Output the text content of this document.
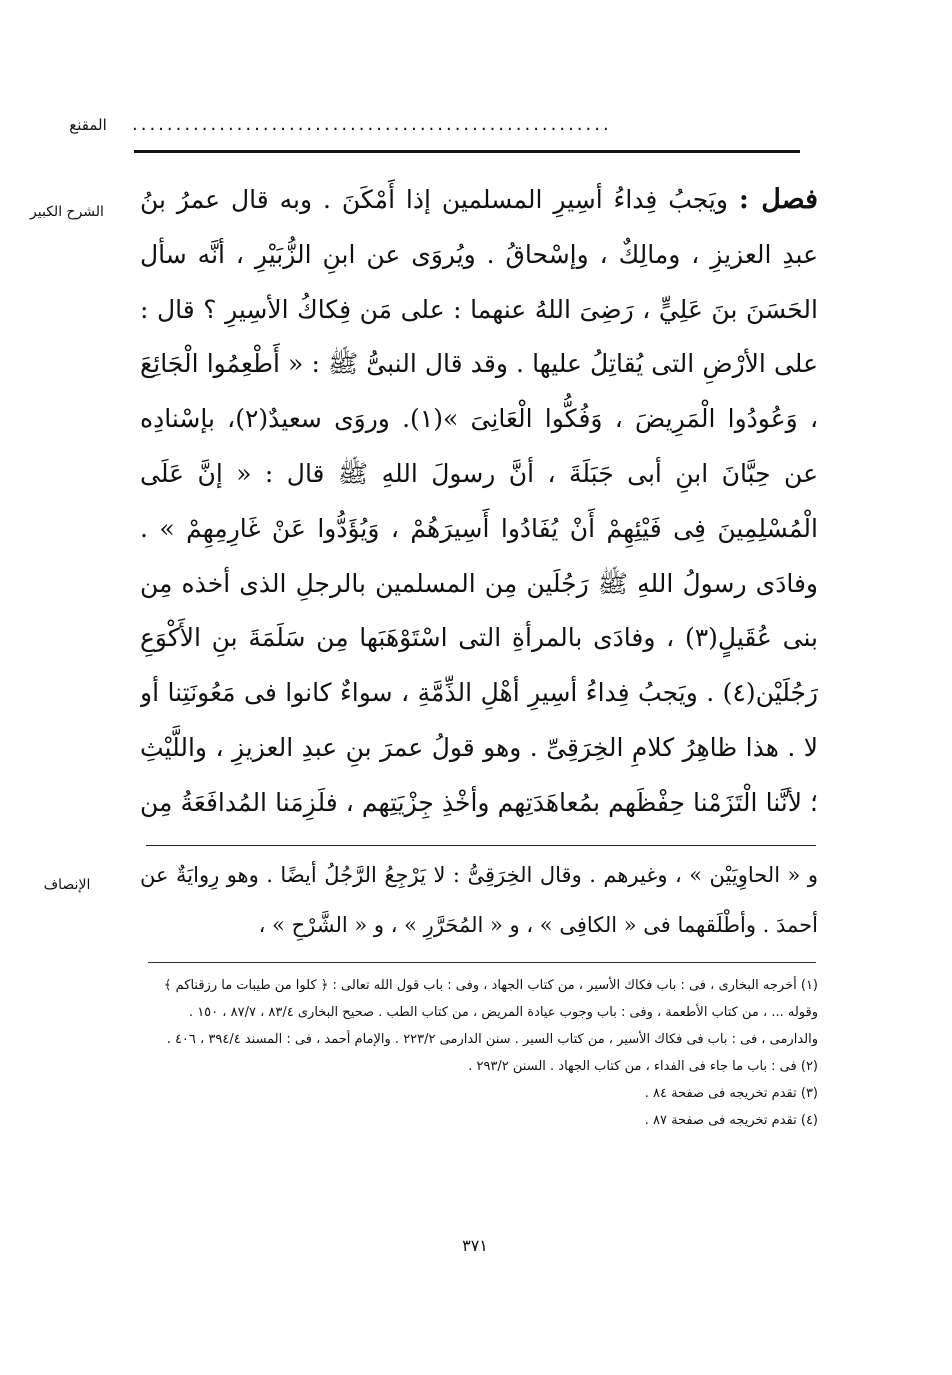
المقنع	.......................................................
الشرح الكبير	فصل : ويَجبُ فِداءُ أسِيرِ المسلمين إذا أَمْكَنَ . وبه قال عمرُ بنُ عبدِ العزيزِ ، ومالِكٌ ، وإسْحاقُ . ويُروَى عن ابنِ الزُّبَيْرِ ، أنَّه سأل الحَسَنَ بنَ عَلِيٍّ ، رَضِىَ اللهُ عنهما : على مَن فِكاكُ الأسِيرِ ؟ قال : على الأرْضِ التى يُقاتِلُ عليها . وقد قال النبىُّ ﷺ : « أَطْعِمُوا الْجَائِعَ ، وَعُودُوا الْمَرِيضَ ، وَفُكُّوا الْعَانِىَ »(١). وروَى سعيدٌ(٢)، بإسْنادِه عن حِبَّانَ ابنِ أبى جَبَلَةَ ، أنَّ رسولَ اللهِ ﷺ قال : « إنَّ عَلَى الْمُسْلِمِينَ فِى فَيْئِهِمْ أَنْ يُفَادُوا أَسِيرَهُمْ ، وَيُؤَدُّوا عَنْ غَارِمِهِمْ » . وفادَى رسولُ اللهِ ﷺ رَجُلَين مِن المسلمين بالرجلِ الذى أخذه مِن بنى عُقَيلٍ(٣) ، وفادَى بالمرأةِ التى اسْتَوْهَبَها مِن سَلَمَةَ بنِ الأَكْوَعِ رَجُلَيْن(٤) . ويَجبُ فِداءُ أسِيرِ أهْلِ الذِّمَّةِ ، سواءٌ كانوا فى مَعُونَتِنا أو لا . هذا ظاهِرُ كلامِ الخِرَقِىِّ . وهو قولُ عمرَ بنِ عبدِ العزيزِ ، واللَّيْثِ ؛ لأنَّنا الْتَزَمْنا حِفْظَهم بمُعاهَدَتِهم وأخْذِ جِزْيَتِهم ، فلَزِمَنا المُدافَعَةُ مِن
الإنصاف	و « الحاوِيَيْن » ، وغيرهم . وقال الخِرَقِىُّ : لا يَرْجِعُ الرَّجُلُ أيضًا . وهو رِوايَةٌ عن أحمدَ . وأطْلَقهما فى « الكافِى » ، و « المُحَرَّرِ » ، و « الشَّرْحِ » ،

(١) أخرجه البخارى ، فى : باب فكاك الأسير ، من كتاب الجهاد ، وفى : باب قول الله تعالى : ﴿ كلوا من طيبات ما رزقناكم ﴾ وقوله ... ، من كتاب الأطعمة ، وفى : باب وجوب عيادة المريض ، من كتاب الطب . صحيح البخارى ٨٣/٤ ، ٨٧/٧ ، ١٥٠ . والدارمى ، فى : باب فى فكاك الأسير ، من كتاب السير . سنن الدارمى ٢٢٣/٢ . والإمام أحمد ، فى : المسند ٣٩٤/٤ ، ٤٠٦ .

(٢) فى : باب ما جاء فى الفداء ، من كتاب الجهاد . السنن ٢٩٣/٢ .

(٣) تقدم تخريجه فى صفحة ٨٤ .

(٤) تقدم تخريجه فى صفحة ٨٧ .

٣٧١
